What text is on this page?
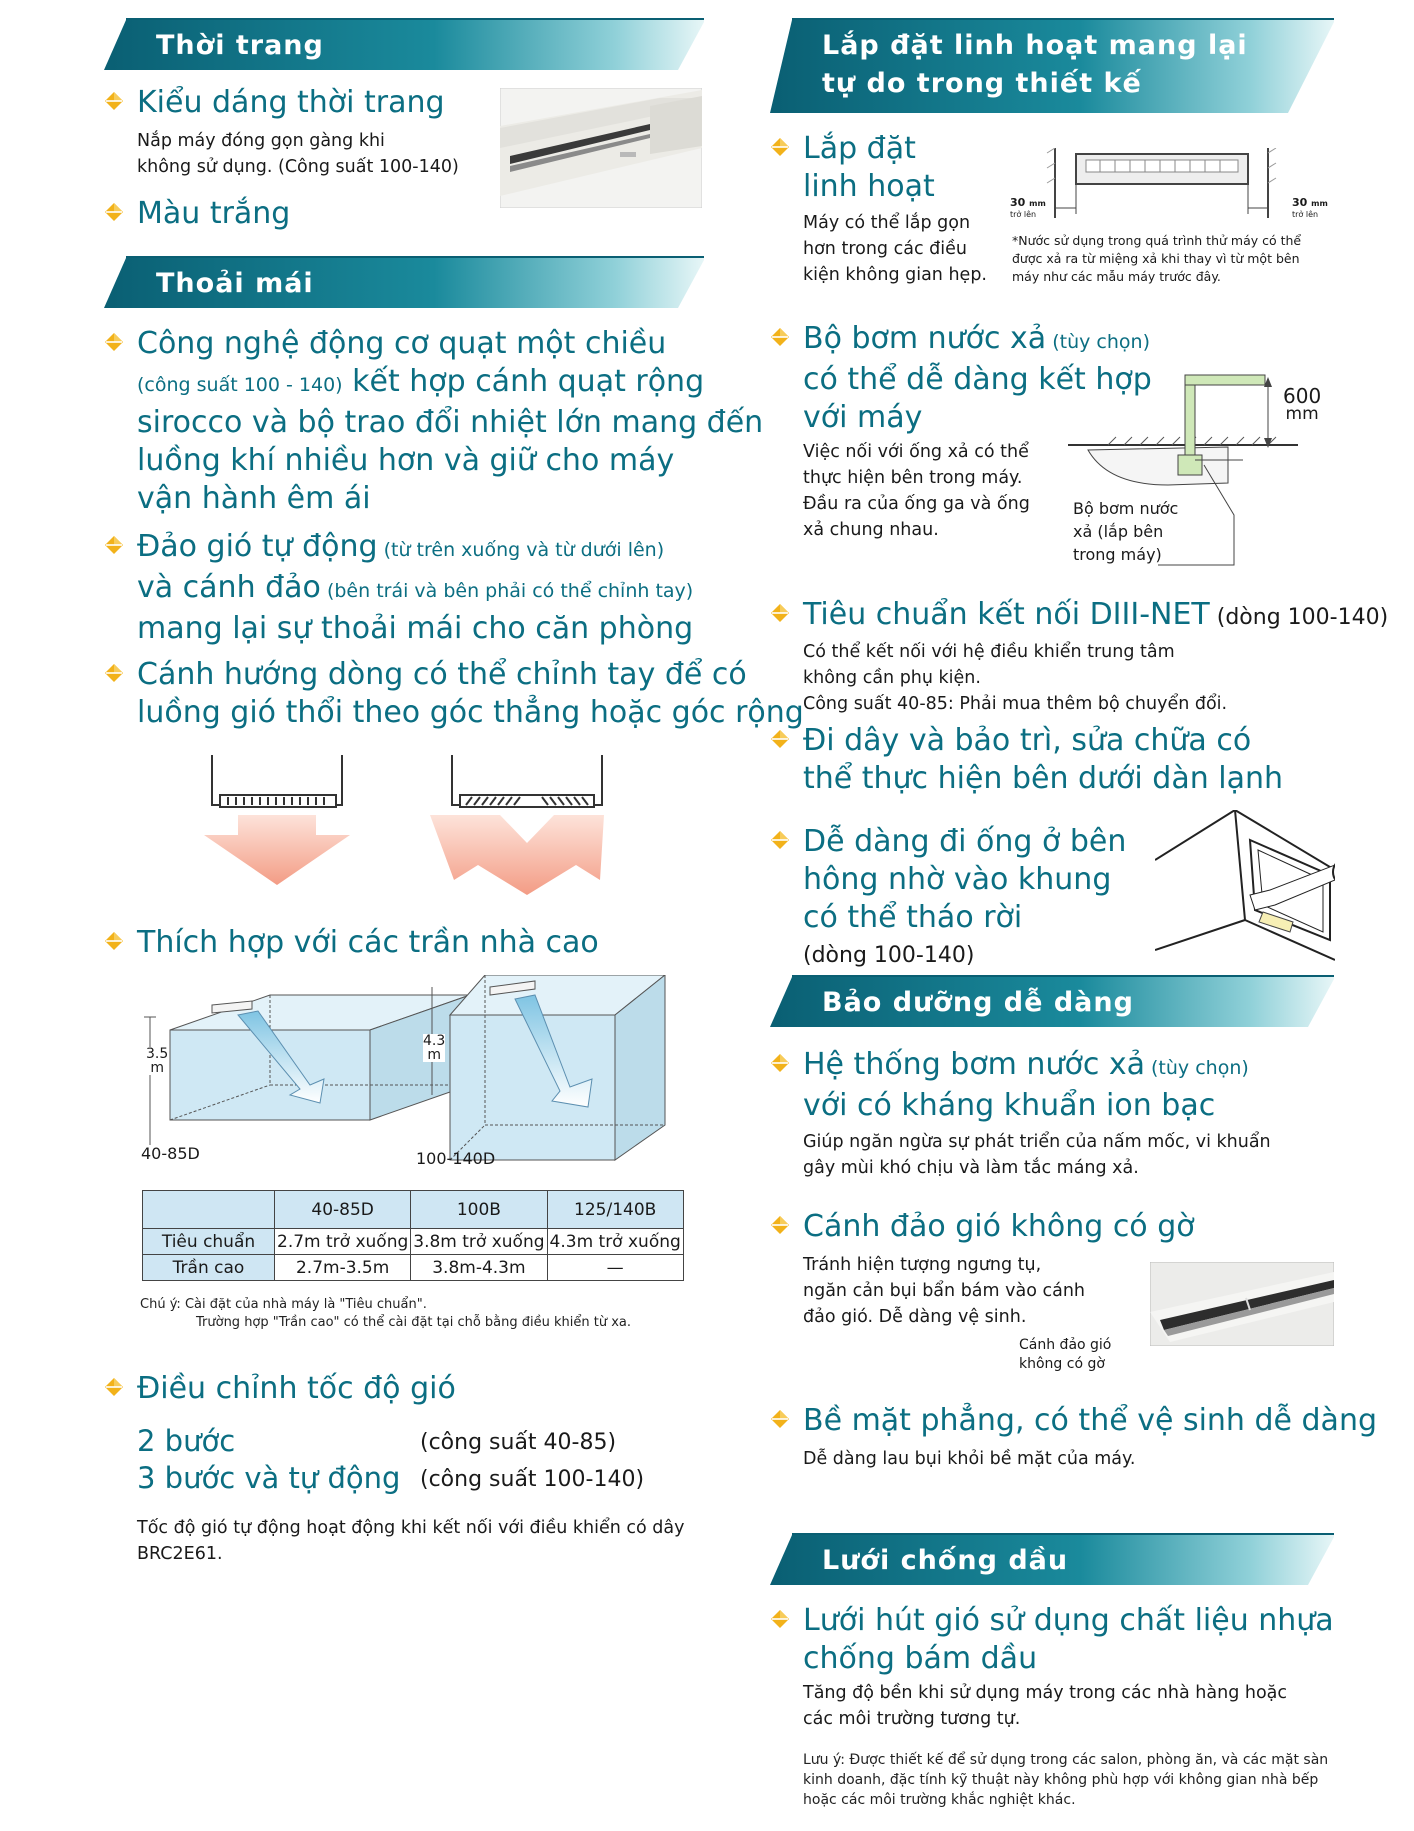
Thời trang
Kiểu dáng thời trang
Nắp máy đóng gọn gàng khi
không sử dụng. (Công suất 100-140)
Màu trắng
Thoải mái
Công nghệ động cơ quạt một chiều
(công suất 100 - 140) kết hợp cánh quạt rộng
sirocco và bộ trao đổi nhiệt lớn mang đến
luồng khí nhiều hơn và giữ cho máy
vận hành êm ái
Đảo gió tự động (từ trên xuống và từ dưới lên)
và cánh đảo (bên trái và bên phải có thể chỉnh tay)
mang lại sự thoải mái cho căn phòng
Cánh hướng dòng có thể chỉnh tay để có
luồng gió thổi theo góc thẳng hoặc góc rộng
Thích hợp với các trần nhà cao
3.5
m
4.3
m
40-85D	100-140D
	40-85D	100B	125/140B
Tiêu chuẩn	2.7m trở xuống	3.8m trở xuống	4.3m trở xuống
Trần cao	2.7m-3.5m	3.8m-4.3m	—
Chú ý: Cài đặt của nhà máy là "Tiêu chuẩn".
Trường hợp "Trần cao" có thể cài đặt tại chỗ bằng điều khiển từ xa.
Điều chỉnh tốc độ gió
2 bước	(công suất 40-85)
3 bước và tự động (công suất 100-140)
Tốc độ gió tự động hoạt động khi kết nối với điều khiển có dây
BRC2E61.
Lắp đặt linh hoạt mang lại
tự do trong thiết kế
Lắp đặt
linh hoạt
Máy có thể lắp gọn
hơn trong các điều
kiện không gian hẹp.
30 mm
trở lên
30 mm
trở lên
*Nước sử dụng trong quá trình thử máy có thể
được xả ra từ miệng xả khi thay vì từ một bên
máy như các mẫu máy trước đây.
Bộ bơm nước xả (tùy chọn)
có thể dễ dàng kết hợp
với máy
Việc nối với ống xả có thể
thực hiện bên trong máy.
Đầu ra của ống ga và ống
xả chung nhau.
600
mm
Bộ bơm nước
xả (lắp bên
trong máy)
Tiêu chuẩn kết nối DIII-NET (dòng 100-140)
Có thể kết nối với hệ điều khiển trung tâm
không cần phụ kiện.
Công suất 40-85: Phải mua thêm bộ chuyển đổi.
Đi dây và bảo trì, sửa chữa có
thể thực hiện bên dưới dàn lạnh
Dễ dàng đi ống ở bên
hông nhờ vào khung
có thể tháo rời
(dòng 100-140)
Bảo dưỡng dễ dàng
Hệ thống bơm nước xả (tùy chọn)
với có kháng khuẩn ion bạc
Giúp ngăn ngừa sự phát triển của nấm mốc, vi khuẩn
gây mùi khó chịu và làm tắc máng xả.
Cánh đảo gió không có gờ
Tránh hiện tượng ngưng tụ,
ngăn cản bụi bẩn bám vào cánh
đảo gió. Dễ dàng vệ sinh.
Cánh đảo gió
không có gờ
Bề mặt phẳng, có thể vệ sinh dễ dàng
Dễ dàng lau bụi khỏi bề mặt của máy.
Lưới chống dầu
Lưới hút gió sử dụng chất liệu nhựa
chống bám dầu
Tăng độ bền khi sử dụng máy trong các nhà hàng hoặc
các môi trường tương tự.
Lưu ý: Được thiết kế để sử dụng trong các salon, phòng ăn, và các mặt sàn
kinh doanh, đặc tính kỹ thuật này không phù hợp với không gian nhà bếp
hoặc các môi trường khắc nghiệt khác.
